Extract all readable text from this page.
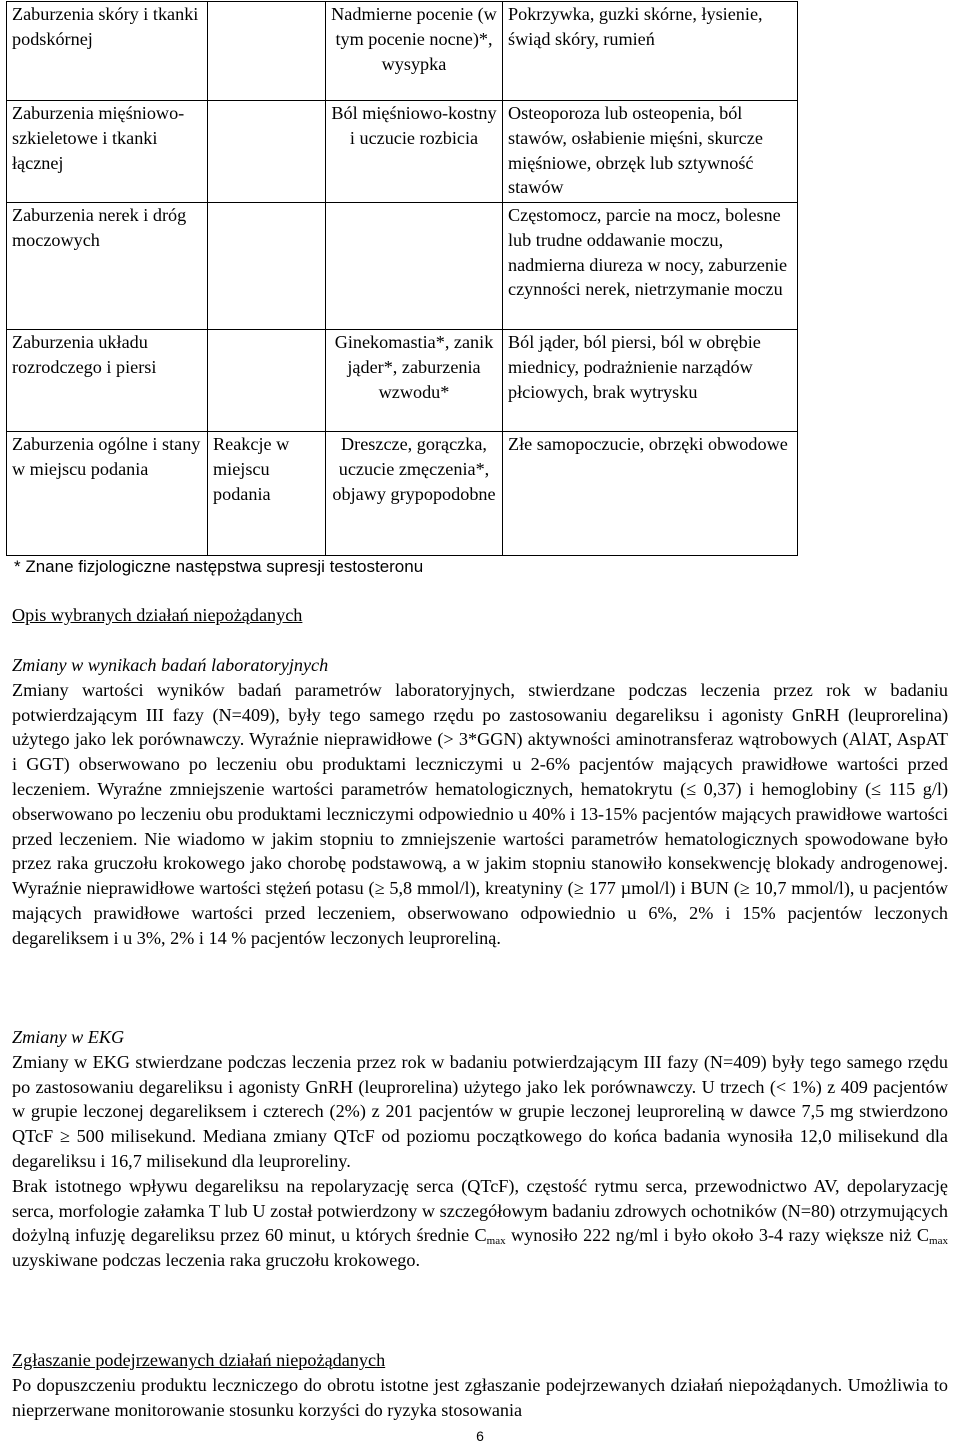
Zaburzenia skóry i tkanki podskórnej		Nadmierne pocenie (w tym pocenie nocne)*, wysypka	Pokrzywka, guzki skórne, łysienie, świąd skóry, rumień
Zaburzenia mięśniowo-szkieletowe i tkanki łącznej		Ból mięśniowo-kostny i uczucie rozbicia	Osteoporoza lub osteopenia, ból stawów, osłabienie mięśni, skurcze mięśniowe, obrzęk lub sztywność stawów
Zaburzenia nerek i dróg moczowych			Częstomocz, parcie na mocz, bolesne lub trudne oddawanie moczu, nadmierna diureza w nocy, zaburzenie czynności nerek, nietrzymanie moczu
Zaburzenia układu rozrodczego i piersi		Ginekomastia*, zanik jąder*, zaburzenia wzwodu*	Ból jąder, ból piersi, ból w obrębie miednicy, podrażnienie narządów płciowych, brak wytrysku
Zaburzenia ogólne i stany w miejscu podania	Reakcje w miejscu podania	Dreszcze, gorączka, uczucie zmęczenia*, objawy grypopodobne	Złe samopoczucie, obrzęki obwodowe
* Znane fizjologiczne następstwa supresji testosteronu

Opis wybranych działań niepożądanych

Zmiany w wynikach badań laboratoryjnych

Zmiany wartości wyników badań parametrów laboratoryjnych, stwierdzane podczas leczenia przez rok w badaniu potwierdzającym III fazy (N=409), były tego samego rzędu po zastosowaniu degareliksu i agonisty GnRH (leuprorelina) użytego jako lek porównawczy. Wyraźnie nieprawidłowe (> 3*GGN) aktywności aminotransferaz wątrobowych (AlAT, AspAT i GGT) obserwowano po leczeniu obu produktami leczniczymi u 2-6% pacjentów mających prawidłowe wartości przed leczeniem. Wyraźne zmniejszenie wartości parametrów hematologicznych, hematokrytu (≤ 0,37) i hemoglobiny (≤ 115 g/l) obserwowano po leczeniu obu produktami leczniczymi odpowiednio u 40% i 13-15% pacjentów mających prawidłowe wartości przed leczeniem. Nie wiadomo w jakim stopniu to zmniejszenie wartości parametrów hematologicznych spowodowane było przez raka gruczołu krokowego jako chorobę podstawową, a w jakim stopniu stanowiło konsekwencję blokady androgenowej. Wyraźnie nieprawidłowe wartości stężeń potasu (≥ 5,8 mmol/l), kreatyniny (≥ 177 µmol/l) i BUN (≥ 10,7 mmol/l), u pacjentów mających prawidłowe wartości przed leczeniem, obserwowano odpowiednio u 6%, 2% i 15% pacjentów leczonych degareliksem i u 3%, 2% i 14 % pacjentów leczonych leuproreliną.

Zmiany w EKG

Zmiany w EKG stwierdzane podczas leczenia przez rok w badaniu potwierdzającym III fazy (N=409) były tego samego rzędu po zastosowaniu degareliksu i agonisty GnRH (leuprorelina) użytego jako lek porównawczy. U trzech (< 1%) z 409 pacjentów w grupie leczonej degareliksem i czterech (2%) z 201 pacjentów w grupie leczonej leuproreliną w dawce 7,5 mg stwierdzono QTcF ≥ 500 milisekund. Mediana zmiany QTcF od poziomu początkowego do końca badania wynosiła 12,0 milisekund dla degareliksu i 16,7 milisekund dla leuproreliny.

Brak istotnego wpływu degareliksu na repolaryzację serca (QTcF), częstość rytmu serca, przewodnictwo AV, depolaryzację serca, morfologie załamka T lub U został potwierdzony w szczegółowym badaniu zdrowych ochotników (N=80) otrzymujących dożylną infuzję degareliksu przez 60 minut, u których średnie $C_{max}$ wynosiło 222 ng/ml i było około 3-4 razy większe niż $C_{max}$ uzyskiwane podczas leczenia raka gruczołu krokowego.

Zgłaszanie podejrzewanych działań niepożądanych

Po dopuszczeniu produktu leczniczego do obrotu istotne jest zgłaszanie podejrzewanych działań niepożądanych. Umożliwia to nieprzerwane monitorowanie stosunku korzyści do ryzyka stosowania

6
